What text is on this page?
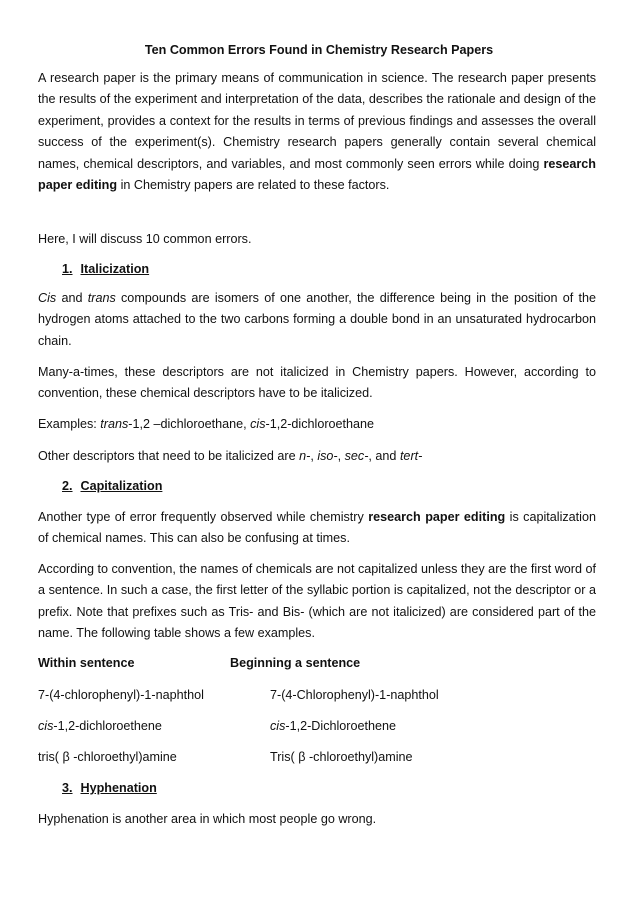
Ten Common Errors Found in Chemistry Research Papers
A research paper is the primary means of communication in science. The research paper presents the results of the experiment and interpretation of the data, describes the rationale and design of the experiment, provides a context for the results in terms of previous findings and assesses the overall success of the experiment(s). Chemistry research papers generally contain several chemical names, chemical descriptors, and variables, and most commonly seen errors while doing research paper editing in Chemistry papers are related to these factors.
Here, I will discuss 10 common errors.
1. Italicization
Cis and trans compounds are isomers of one another, the difference being in the position of the hydrogen atoms attached to the two carbons forming a double bond in an unsaturated hydrocarbon chain.
Many-a-times, these descriptors are not italicized in Chemistry papers. However, according to convention, these chemical descriptors have to be italicized.
Examples: trans-1,2 –dichloroethane, cis-1,2-dichloroethane
Other descriptors that need to be italicized are n-, iso-, sec-, and tert-
2. Capitalization
Another type of error frequently observed while chemistry research paper editing is capitalization of chemical names. This can also be confusing at times.
According to convention, the names of chemicals are not capitalized unless they are the first word of a sentence. In such a case, the first letter of the syllabic portion is capitalized, not the descriptor or a prefix. Note that prefixes such as Tris- and Bis- (which are not italicized) are considered part of the name. The following table shows a few examples.
Within sentence	Beginning a sentence
7-(4-chlorophenyl)-1-naphthol	7-(4-Chlorophenyl)-1-naphthol
cis-1,2-dichloroethene	cis-1,2-Dichloroethene
tris( β -chloroethyl)amine	Tris( β -chloroethyl)amine
3. Hyphenation
Hyphenation is another area in which most people go wrong.
